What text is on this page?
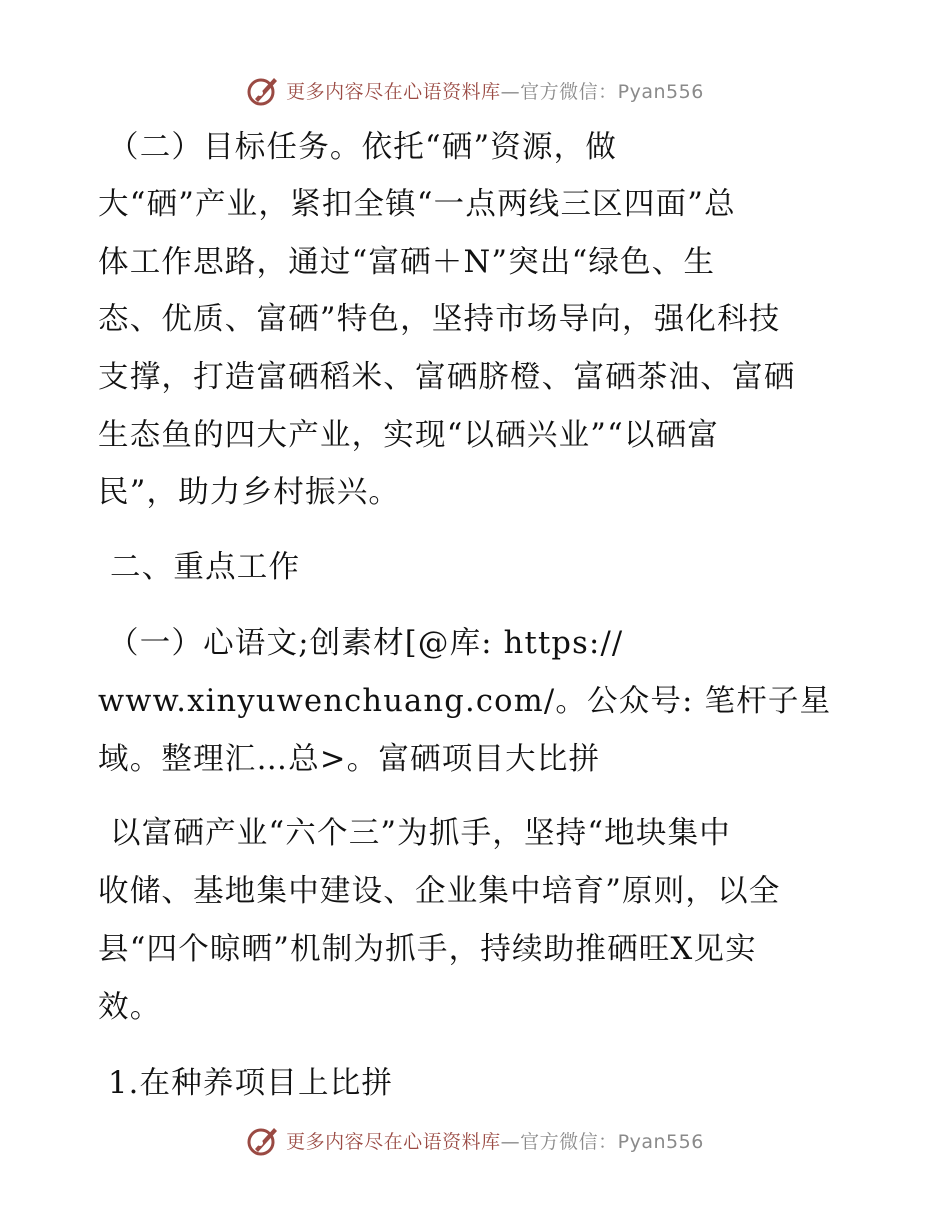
更多内容尽在心语资料库—官方微信：Pyan556
（二）目标任务。依托“硒”资源，做
大“硒”产业，紧扣全镇“一点两线三区四面”总
体工作思路，通过“富硒＋N”突出“绿色、生
态、优质、富硒”特色，坚持市场导向，强化科技
支撑，打造富硒稻米、富硒脐橙、富硒茶油、富硒
生态鱼的四大产业，实现“以硒兴业”“以硒富
民”，助力乡村振兴。
二、重点工作
（一）心语文;创素材[@库: https://
www.xinyuwenchuang.com/。公众号: 笔杆子星
域。整理汇…总>。富硒项目大比拼
以富硒产业“六个三”为抓手，坚持“地块集中
收储、基地集中建设、企业集中培育”原则，以全
县“四个晾晒”机制为抓手，持续助推硒旺X见实
效。
1.在种养项目上比拼
更多内容尽在心语资料库—官方微信：Pyan556
